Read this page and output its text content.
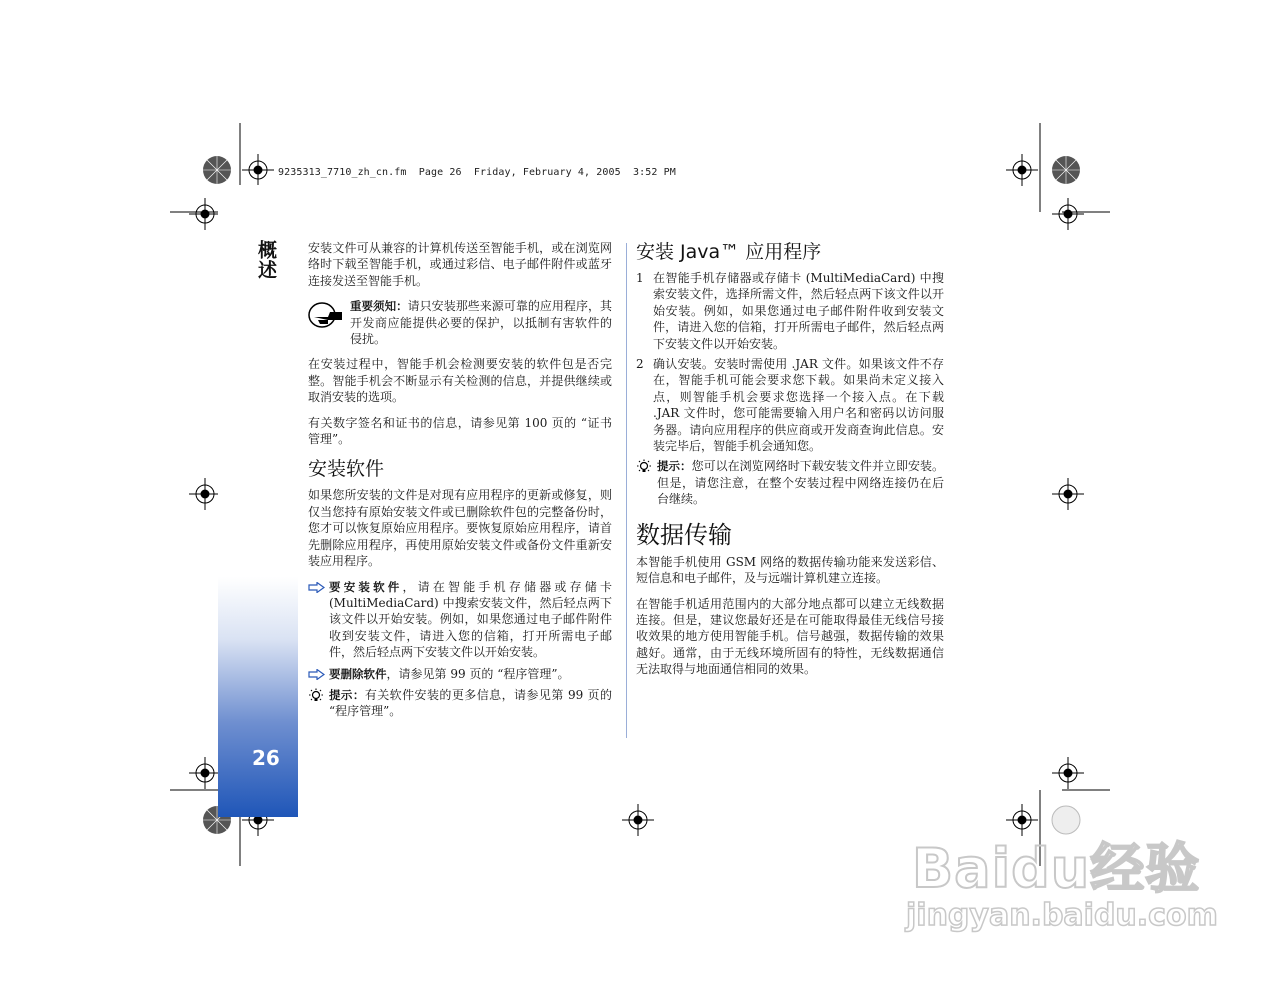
9235313_7710_zh_cn.fm  Page 26  Friday, February 4, 2005  3:52 PM
概述
26

安装文件可从兼容的计算机传送至智能手机，或在浏览网络时下载至智能手机，或通过彩信、电子邮件附件或蓝牙连接发送至智能手机。

重要须知：请只安装那些来源可靠的应用程序，其开发商应能提供必要的保护，以抵制有害软件的侵扰。

在安装过程中，智能手机会检测要安装的软件包是否完整。智能手机会不断显示有关检测的信息，并提供继续或取消安装的选项。

有关数字签名和证书的信息，请参见第 100 页的 “证书管理”。

安装软件

如果您所安装的文件是对现有应用程序的更新或修复，则仅当您持有原始安装文件或已删除软件包的完整备份时，您才可以恢复原始应用程序。要恢复原始应用程序，请首先删除应用程序，再使用原始安装文件或备份文件重新安装应用程序。

要安装软件，请在智能手机存储器或存储卡 (MultiMediaCard) 中搜索安装文件，然后轻点两下该文件以开始安装。例如，如果您通过电子邮件附件收到安装文件，请进入您的信箱，打开所需电子邮件，然后轻点两下安装文件以开始安装。
要删除软件，请参见第 99 页的 “程序管理”。
提示：有关软件安装的更多信息，请参见第 99 页的 “程序管理”。
安装 Java™ 应用程序
1 在智能手机存储器或存储卡 (MultiMediaCard) 中搜索安装文件，选择所需文件，然后轻点两下该文件以开始安装。例如，如果您通过电子邮件附件收到安装文件，请进入您的信箱，打开所需电子邮件，然后轻点两下安装文件以开始安装。
2 确认安装。安装时需使用 .JAR 文件。如果该文件不存在，智能手机可能会要求您下载。如果尚未定义接入点，则智能手机会要求您选择一个接入点。在下载 .JAR 文件时，您可能需要输入用户名和密码以访问服务器。请向应用程序的供应商或开发商查询此信息。安装完毕后，智能手机会通知您。
提示：您可以在浏览网络时下载安装文件并立即安装。但是，请您注意，在整个安装过程中网络连接仍在后台继续。
数据传输

本智能手机使用 GSM 网络的数据传输功能来发送彩信、短信息和电子邮件，及与远端计算机建立连接。

在智能手机适用范围内的大部分地点都可以建立无线数据连接。但是，建议您最好还是在可能取得最佳无线信号接收效果的地方使用智能手机。信号越强，数据传输的效果越好。通常，由于无线环境所固有的特性，无线数据通信无法取得与地面通信相同的效果。

Baidu经验
jingyan.baidu.com
